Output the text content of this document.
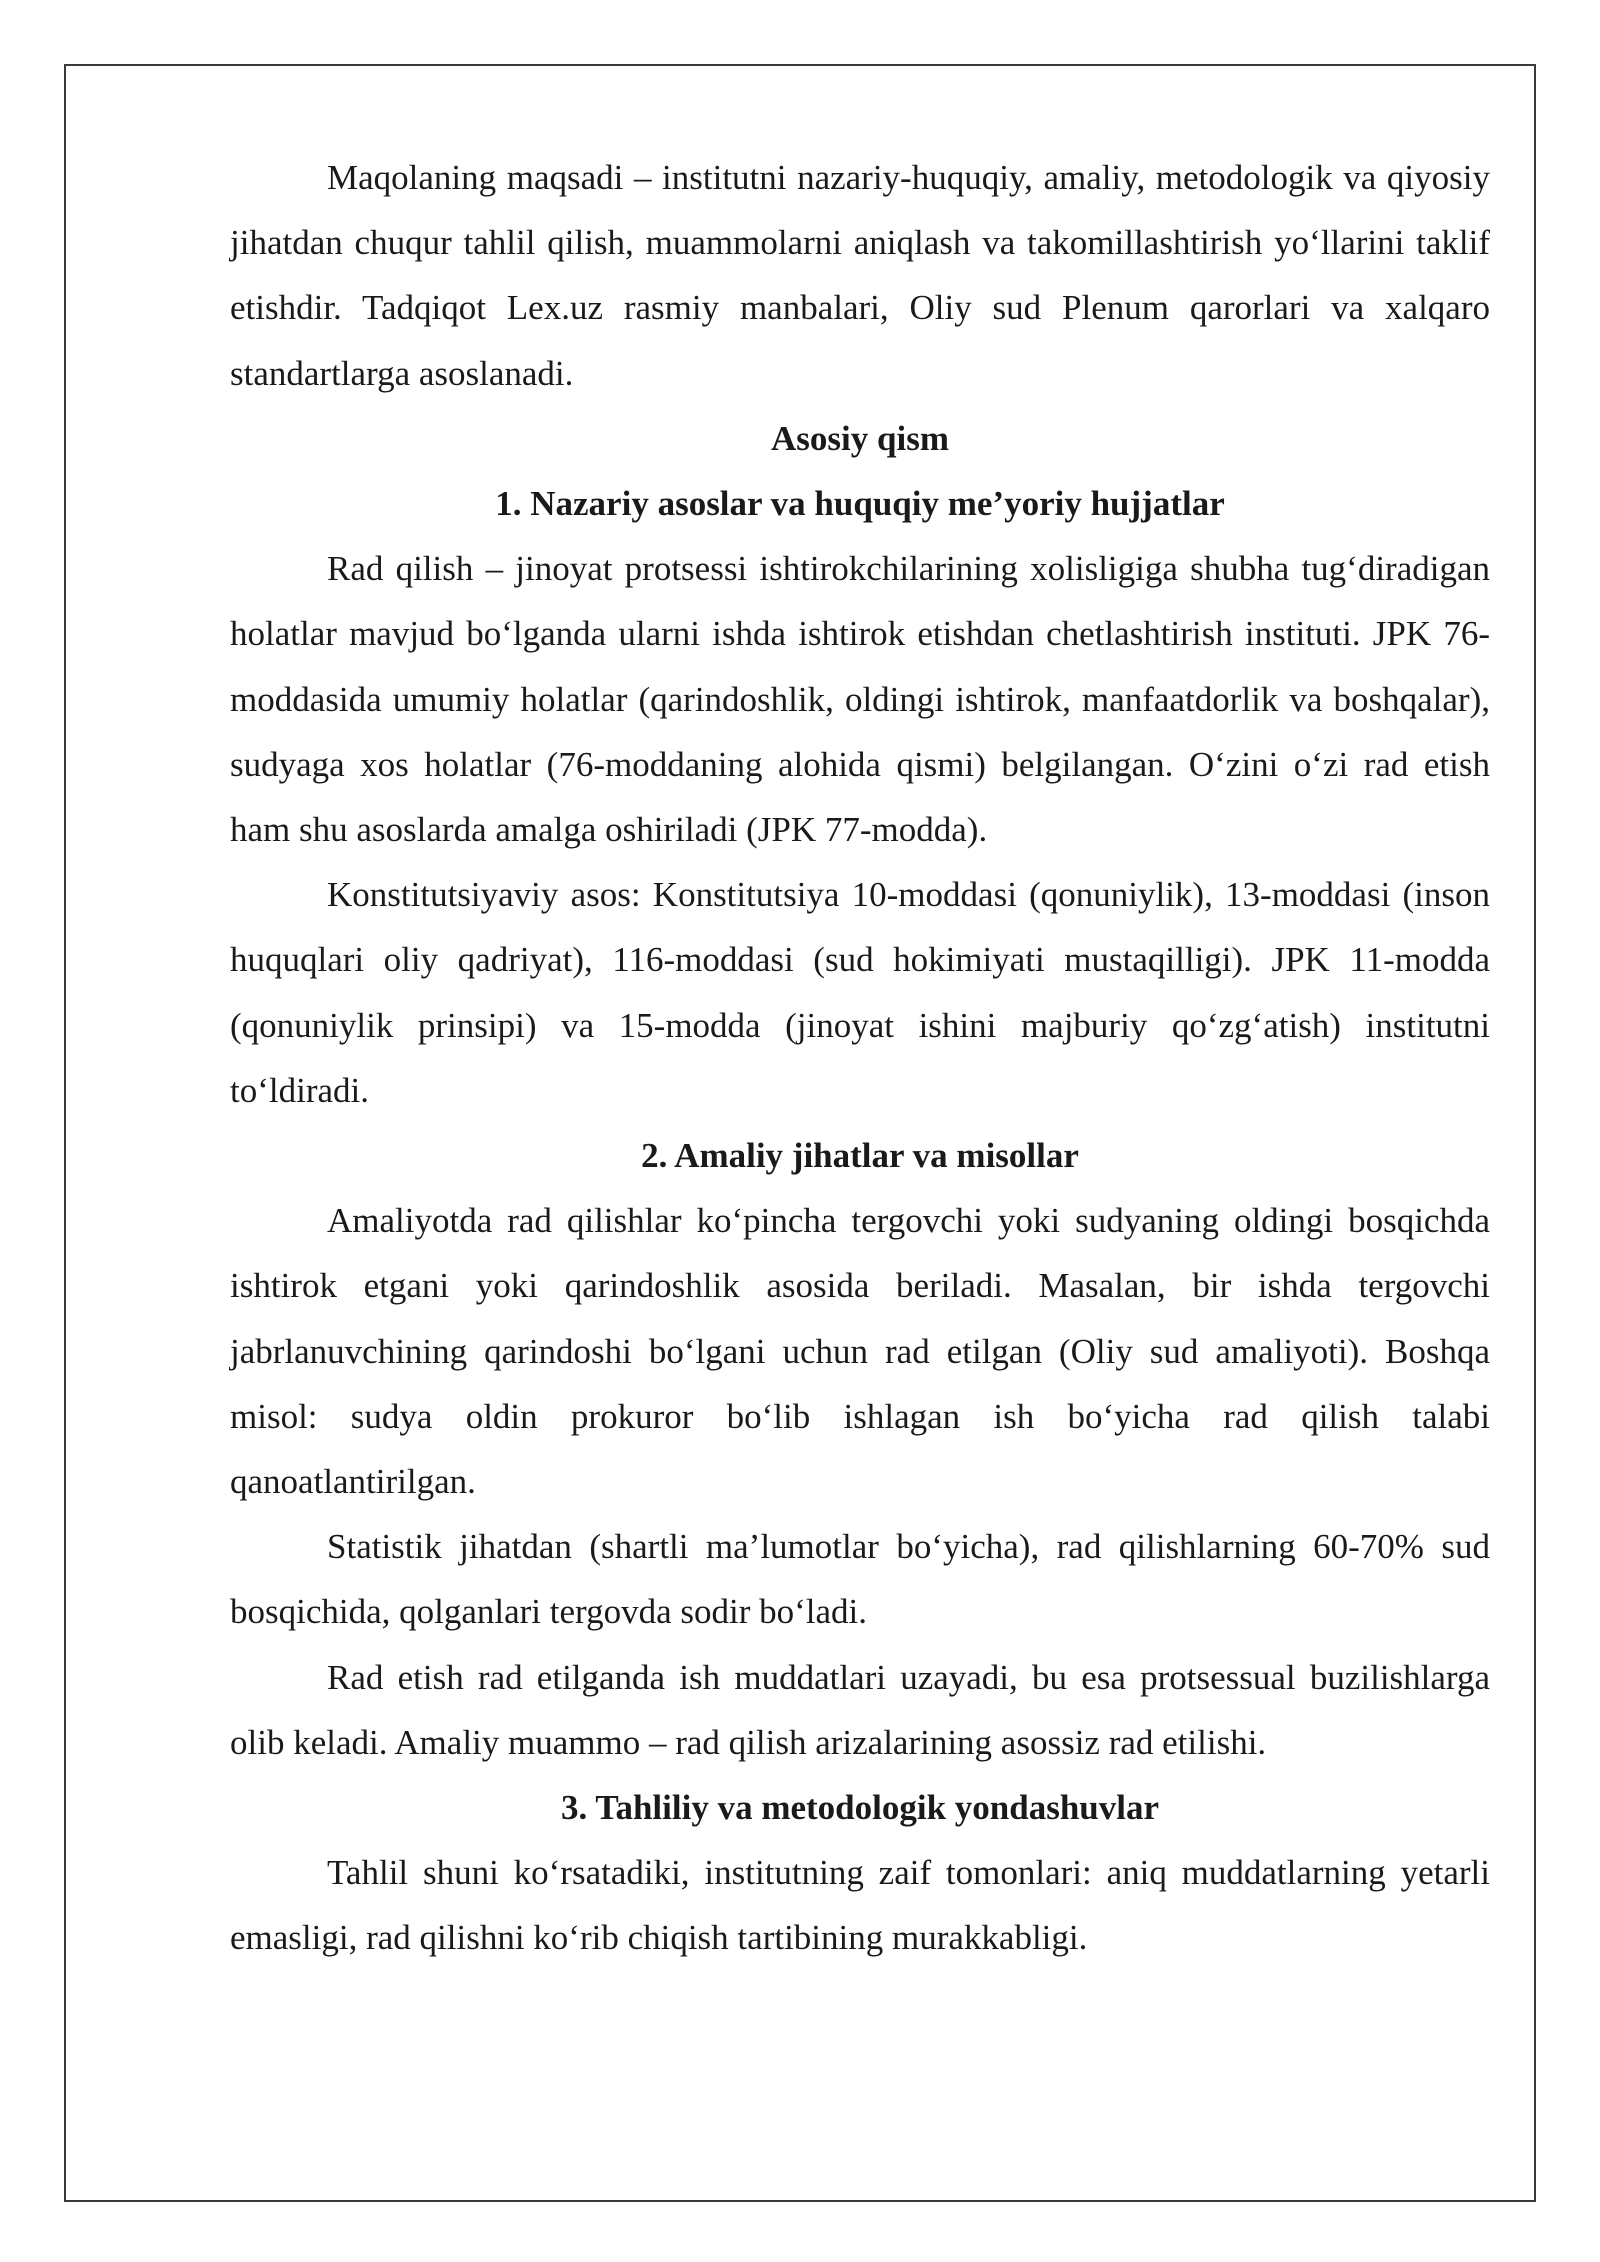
Maqolaning maqsadi – institutni nazariy-huquqiy, amaliy, metodologik va qiyosiy jihatdan chuqur tahlil qilish, muammolarni aniqlash va takomillashtirish yo‘llarini taklif etishdir. Tadqiqot Lex.uz rasmiy manbalari, Oliy sud Plenum qarorlari va xalqaro standartlarga asoslanadi.

Asosiy qism

1. Nazariy asoslar va huquqiy me’yoriy hujjatlar

Rad qilish – jinoyat protsessi ishtirokchilarining xolisligiga shubha tug‘diradigan holatlar mavjud bo‘lganda ularni ishda ishtirok etishdan chetlashtirish instituti. JPK 76-moddasida umumiy holatlar (qarindoshlik, oldingi ishtirok, manfaatdorlik va boshqalar), sudyaga xos holatlar (76-moddaning alohida qismi) belgilangan. O‘zini o‘zi rad etish ham shu asoslarda amalga oshiriladi (JPK 77-modda).

Konstitutsiyaviy asos: Konstitutsiya 10-moddasi (qonuniylik), 13-moddasi (inson huquqlari oliy qadriyat), 116-moddasi (sud hokimiyati mustaqilligi). JPK 11-modda (qonuniylik prinsipi) va 15-modda (jinoyat ishini majburiy qo‘zg‘atish) institutni to‘ldiradi.

2. Amaliy jihatlar va misollar

Amaliyotda rad qilishlar ko‘pincha tergovchi yoki sudyaning oldingi bosqichda ishtirok etgani yoki qarindoshlik asosida beriladi. Masalan, bir ishda tergovchi jabrlanuvchining qarindoshi bo‘lgani uchun rad etilgan (Oliy sud amaliyoti). Boshqa misol: sudya oldin prokuror bo‘lib ishlagan ish bo‘yicha rad qilish talabi qanoatlantirilgan.

Statistik jihatdan (shartli ma’lumotlar bo‘yicha), rad qilishlarning 60-70% sud bosqichida, qolganlari tergovda sodir bo‘ladi.

Rad etish rad etilganda ish muddatlari uzayadi, bu esa protsessual buzilishlarga olib keladi. Amaliy muammo – rad qilish arizalarining asossiz rad etilishi.

3. Tahliliy va metodologik yondashuvlar

Tahlil shuni ko‘rsatadiki, institutning zaif tomonlari: aniq muddatlarning yetarli emasligi, rad qilishni ko‘rib chiqish tartibining murakkabligi.
